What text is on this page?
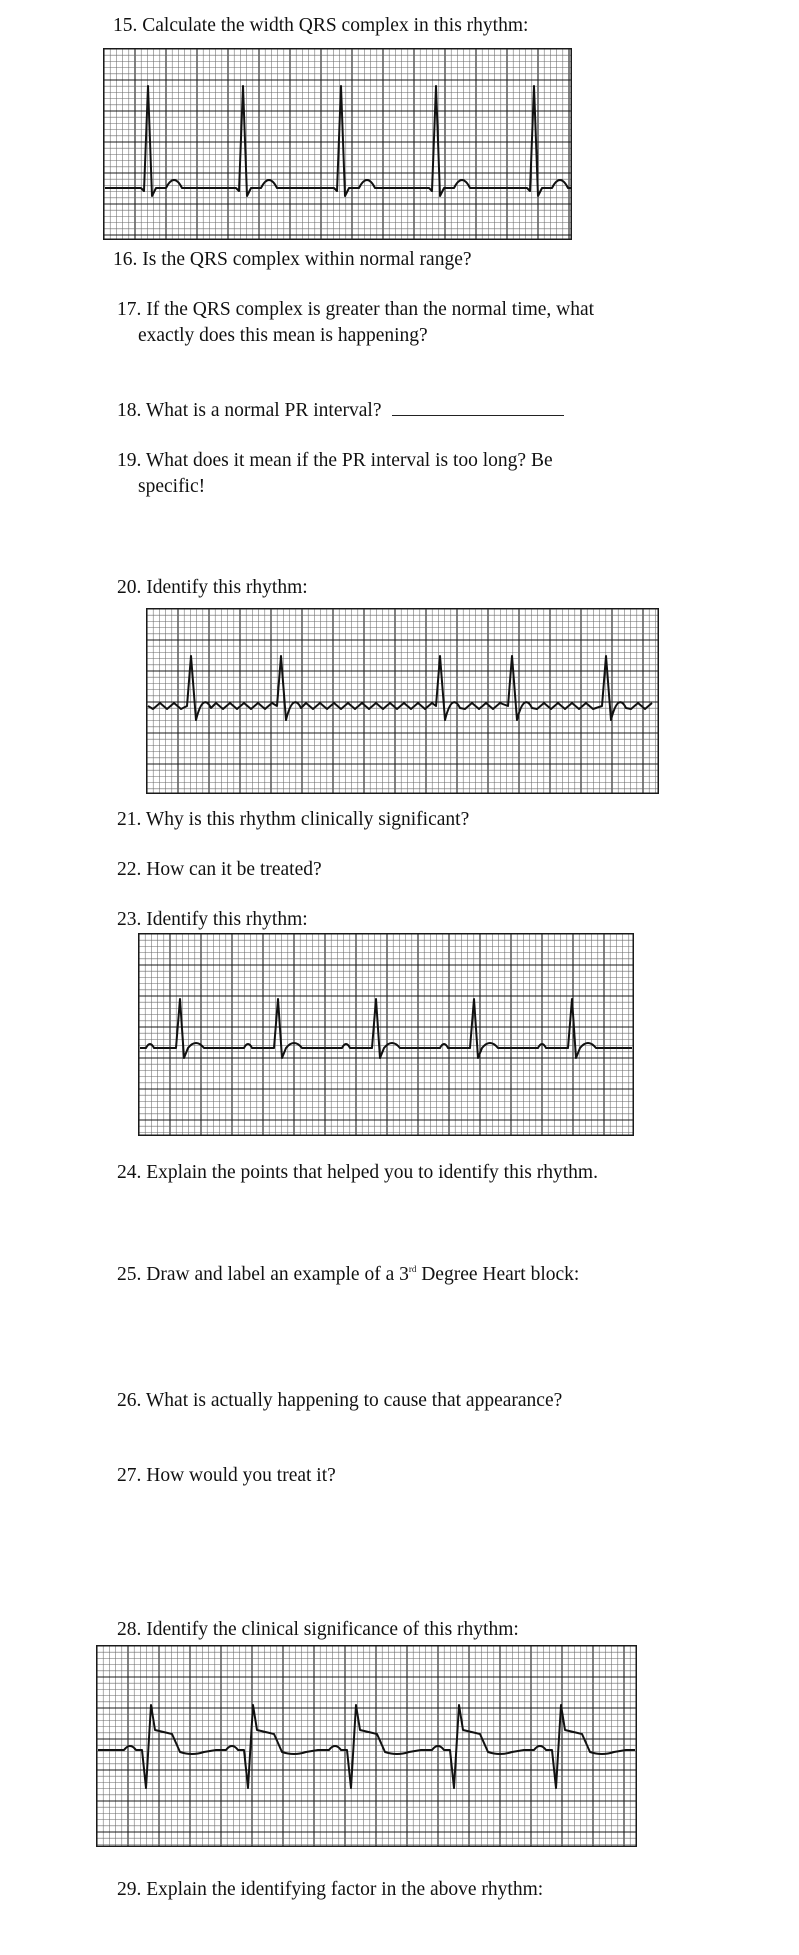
15. Calculate the width QRS complex in this rhythm:

16. Is the QRS complex within normal range?

17. If the QRS complex is greater than the normal time, what
exactly does this mean is happening?

18. What is a normal PR interval?

19. What does it mean if the PR interval is too long? Be
specific!

20. Identify this rhythm:

21. Why is this rhythm clinically significant?

22. How can it be treated?

23. Identify this rhythm:

24. Explain the points that helped you to identify this rhythm.

25. Draw and label an example of a 3rd Degree Heart block:

26. What is actually happening to cause that appearance?

27. How would you treat it?

28. Identify the clinical significance of this rhythm:

29. Explain the identifying factor in the above rhythm:
